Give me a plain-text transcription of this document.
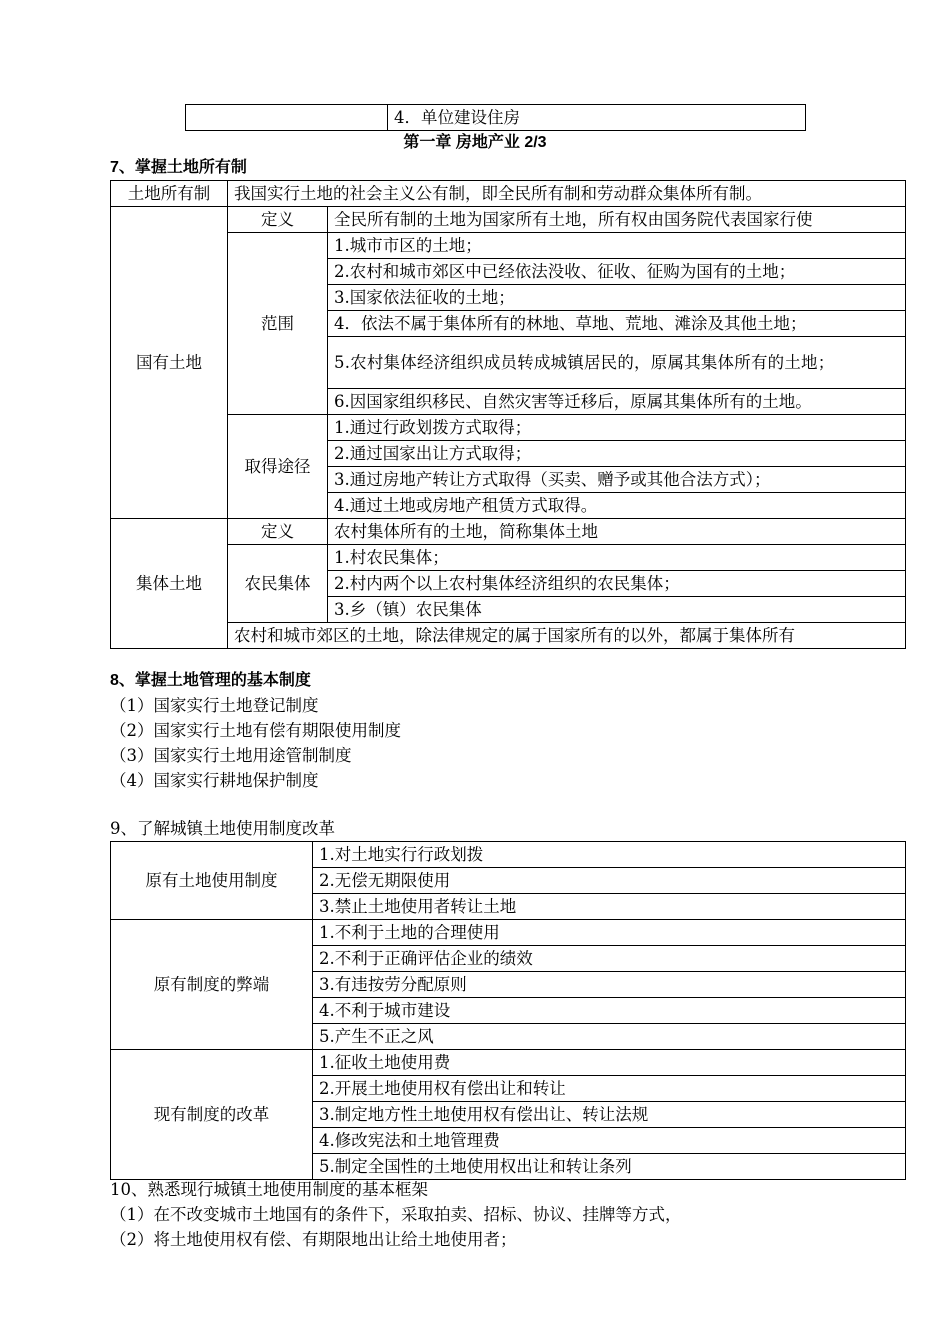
	4．单位建设住房
第一章 房地产业 2/3
7、掌握土地所有制
土地所有制	我国实行土地的社会主义公有制，即全民所有制和劳动群众集体所有制。	
国有土地	定义	全民所有制的土地为国家所有土地，所有权由国务院代表国家行使
	范围	1.城市市区的土地；
		2.农村和城市郊区中已经依法没收、征收、征购为国有的土地；
		3.国家依法征收的土地；
		4．依法不属于集体所有的林地、草地、荒地、滩涂及其他土地；
		5.农村集体经济组织成员转成城镇居民的，原属其集体所有的土地；

		6.因国家组织移民、自然灾害等迁移后，原属其集体所有的土地。
	取得途径	1.通过行政划拨方式取得；
		2.通过国家出让方式取得；
		3.通过房地产转让方式取得（买卖、赠予或其他合法方式）；
		4.通过土地或房地产租赁方式取得。
集体土地	定义	农村集体所有的土地，简称集体土地
	农民集体	1.村农民集体；
		2.村内两个以上农村集体经济组织的农民集体；
		3.乡（镇）农民集体
	农村和城市郊区的土地，除法律规定的属于国家所有的以外，都属于集体所有	
8、掌握土地管理的基本制度
（1）国家实行土地登记制度
（2）国家实行土地有偿有期限使用制度
（3）国家实行土地用途管制制度
（4）国家实行耕地保护制度
9、了解城镇土地使用制度改革
原有土地使用制度	1.对土地实行行政划拨
	2.无偿无期限使用
	3.禁止土地使用者转让土地
原有制度的弊端	1.不利于土地的合理使用
	2.不利于正确评估企业的绩效
	3.有违按劳分配原则
	4.不利于城市建设
	5.产生不正之风
现有制度的改革	1.征收土地使用费
	2.开展土地使用权有偿出让和转让
	3.制定地方性土地使用权有偿出让、转让法规
	4.修改宪法和土地管理费
	5.制定全国性的土地使用权出让和转让条列
10、熟悉现行城镇土地使用制度的基本框架
（1）在不改变城市土地国有的条件下，采取拍卖、招标、协议、挂牌等方式，
（2）将土地使用权有偿、有期限地出让给土地使用者；
